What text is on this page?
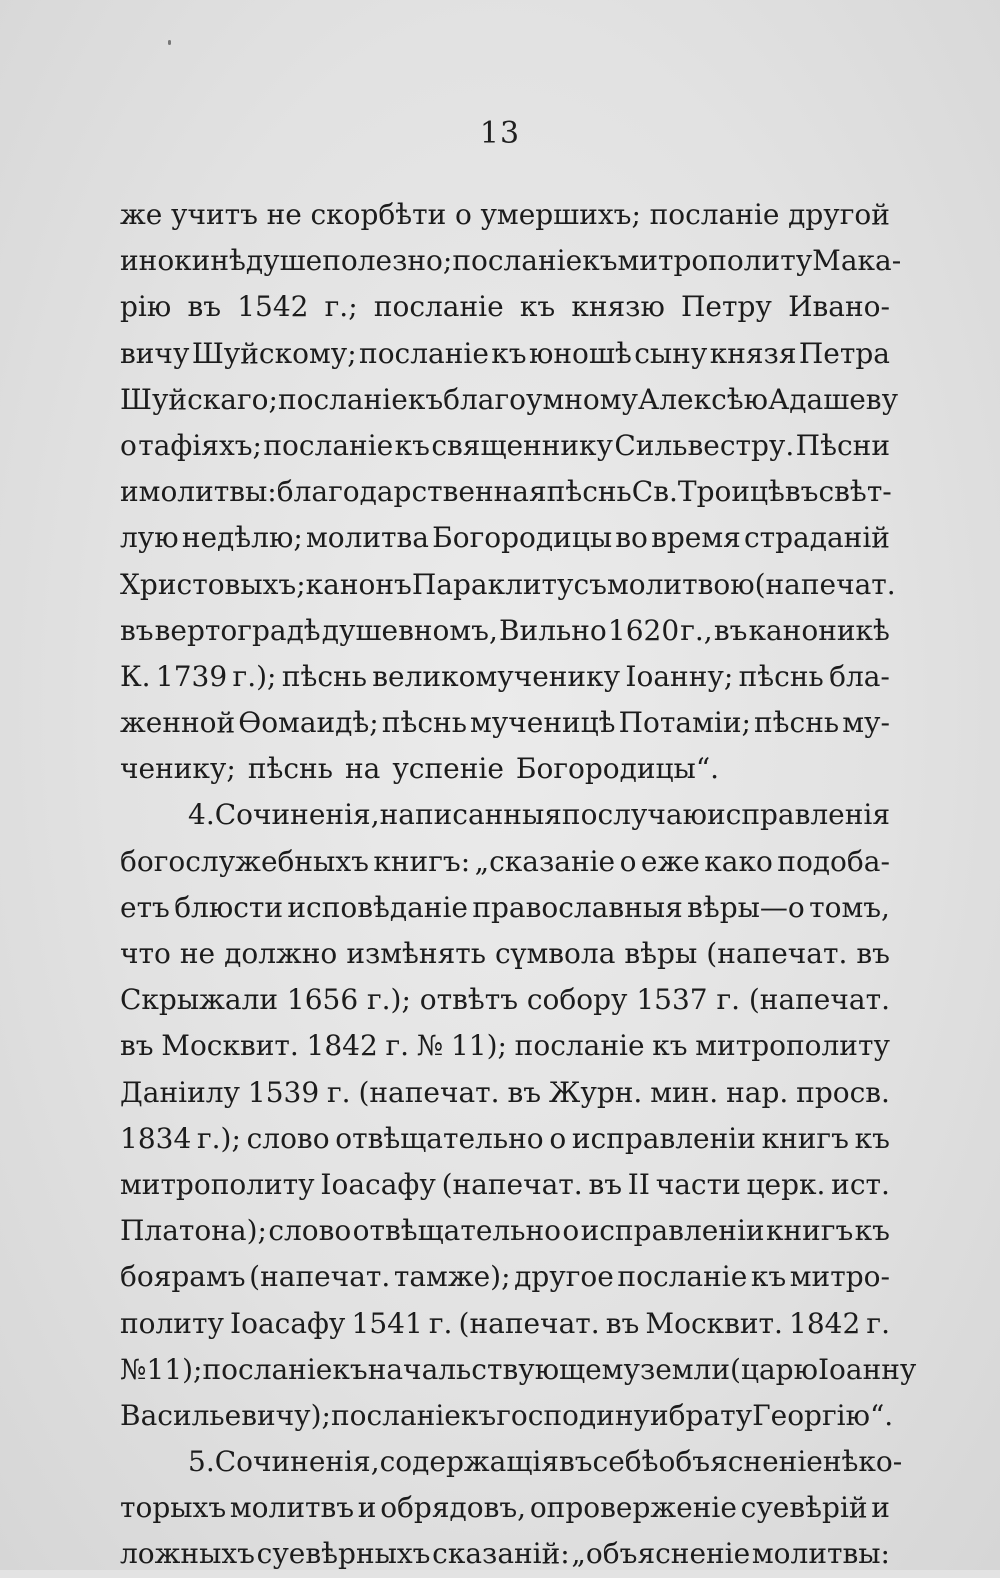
13
же учитъ не скорбѣти о умершихъ; посланіе другой
инокинѣ душеполезно; посланіе къ митрополиту Мака-
рію въ 1542 г.; посланіе къ князю Петру Ивано-
вичу Шуйскому; посланіе къ юношѣ сыну князя Петра
Шуйскаго; посланіе къ благоумному Алексѣю Адашеву
о тафіяхъ; посланіе къ священнику Сильвестру. Пѣсни
и молитвы: благодарственная пѣснь Св. Троицѣ въ свѣт-
лую недѣлю; молитва Богородицы во время страданій
Христовыхъ; канонъ Параклиту съ молитвою (напечат.
въ вертоградѣ душевномъ, Вильно 1620 г., въ каноникѣ
К. 1739 г.); пѣснь великомученику Іоанну; пѣснь бла-
женной Ѳомаидѣ; пѣснь мученицѣ Потаміи; пѣснь му-
ченику; пѣснь на успеніе Богородицы“.
4. Сочиненія, написанныя по случаю исправленія
богослужебныхъ книгъ: „сказаніе о еже како подоба-
етъ блюсти исповѣданіе православныя вѣры—о томъ,
что не должно измѣнять сүмвола вѣры (напечат. въ
Скрыжали 1656 г.); отвѣтъ собору 1537 г. (напечат.
въ Москвит. 1842 г. № 11); посланіе къ митрополиту
Даніилу 1539 г. (напечат. въ Журн. мин. нар. просв.
1834 г.); слово отвѣщательно о исправленіи книгъ къ
митрополиту Іоасафу (напечат. въ II части церк. ист.
Платона); слово отвѣщательно о исправленіи книгъ къ
боярамъ (напечат. тамже); другое посланіе къ митро-
политу Іоасафу 1541 г. (напечат. въ Москвит. 1842 г.
№ 11); посланіе къ начальствующему земли (царю Іоанну
Васильевичу); посланіе къ господину и брату Георгію“.
5. Сочиненія, содержащія въ себѣ объясненіе нѣко-
торыхъ молитвъ и обрядовъ, опроверженіе суевѣрій и
ложныхъ суевѣрныхъ сказаній: „объясненіе молитвы:
